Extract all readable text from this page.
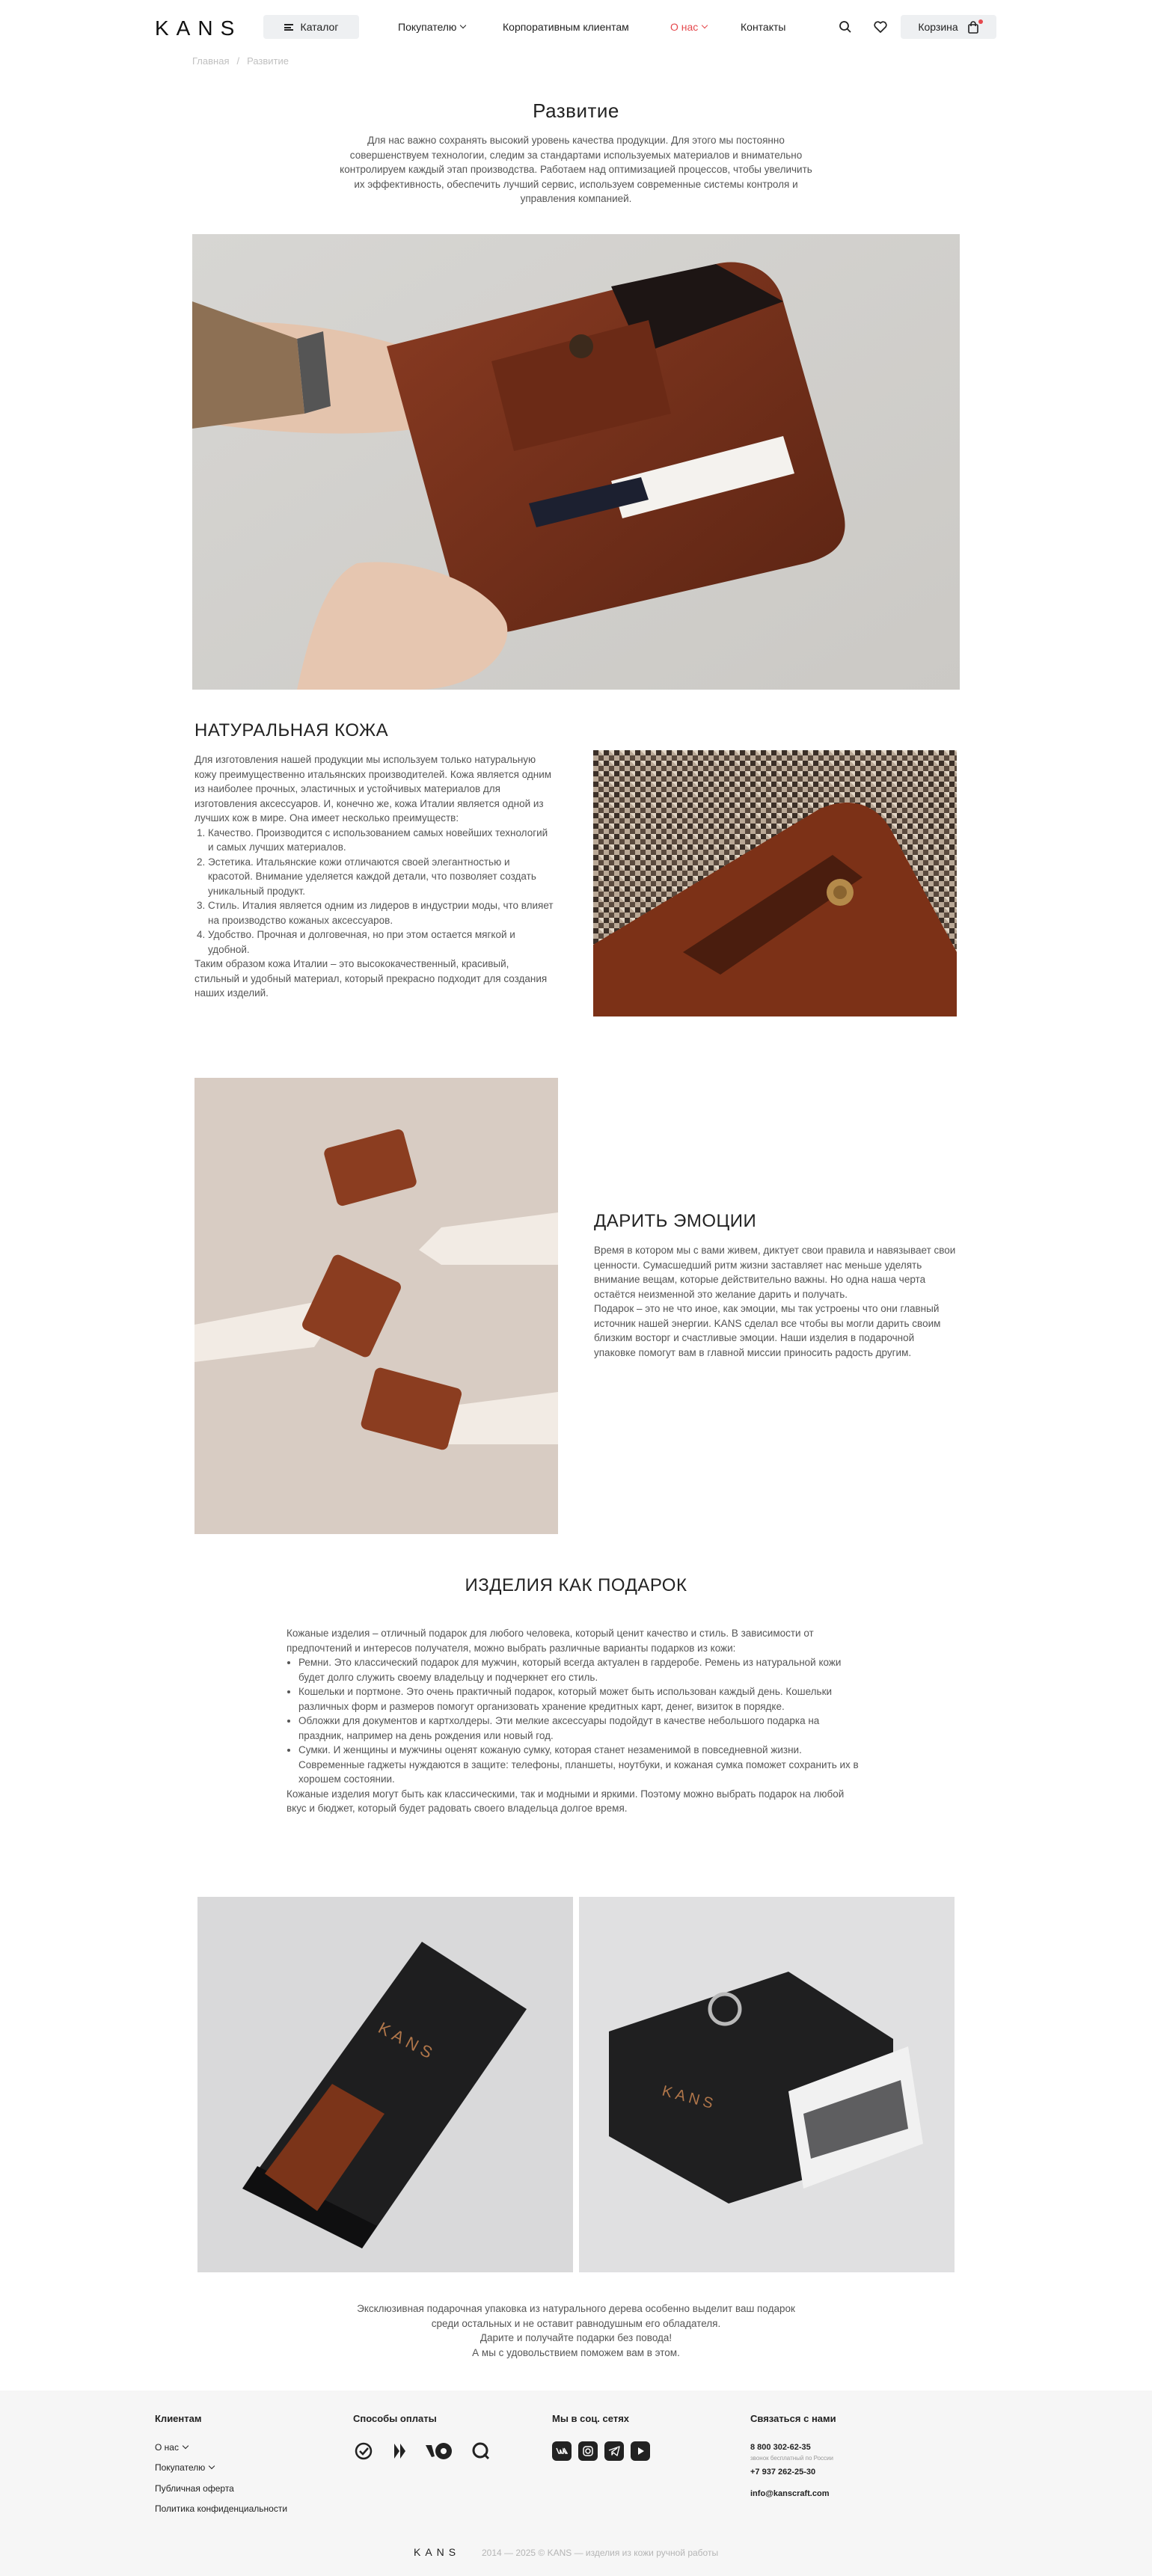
KANS	Каталог	Покупателю	Корпоративным клиентам	О нас	Контакты	Корзина
Главная / Развитие
Развитие

Для нас важно сохранять высокий уровень качества продукции. Для этого мы постоянно совершенствуем технологии, следим за стандартами используемых материалов и внимательно контролируем каждый этап производства. Работаем над оптимизацией процессов, чтобы увеличить их эффективность, обеспечить лучший сервис, используем современные системы контроля и управления компанией.

НАТУРАЛЬНАЯ КОЖА

Для изготовления нашей продукции мы используем только натуральную кожу преимущественно итальянских производителей. Кожа является одним из наиболее прочных, эластичных и устойчивых материалов для изготовления аксессуаров. И, конечно же, кожа Италии является одной из лучших кож в мире. Она имеет несколько преимуществ:

1. Качество. Производится с использованием самых новейших технологий и самых лучших материалов.
2. Эстетика. Итальянские кожи отличаются своей элегантностью и красотой. Внимание уделяется каждой детали, что позволяет создать уникальный продукт.
3. Стиль. Италия является одним из лидеров в индустрии моды, что влияет на производство кожаных аксессуаров.
4. Удобство. Прочная и долговечная, но при этом остается мягкой и удобной.

Таким образом кожа Италии – это высококачественный, красивый, стильный и удобный материал, который прекрасно подходит для создания наших изделий.

ДАРИТЬ ЭМОЦИИ

Время в котором мы с вами живем, диктует свои правила и навязывает свои ценности. Сумасшедший ритм жизни заставляет нас меньше уделять внимание вещам, которые действительно важны. Но одна наша черта остаётся неизменной это желание дарить и получать.

Подарок – это не что иное, как эмоции, мы так устроены что они главный источник нашей энергии. KANS сделал все чтобы вы могли дарить своим близким восторг и счастливые эмоции. Наши изделия в подарочной упаковке помогут вам в главной миссии приносить радость другим.

ИЗДЕЛИЯ КАК ПОДАРОК

Кожаные изделия – отличный подарок для любого человека, который ценит качество и стиль. В зависимости от предпочтений и интересов получателя, можно выбрать различные варианты подарков из кожи:

• Ремни. Это классический подарок для мужчин, который всегда актуален в гардеробе. Ремень из натуральной кожи будет долго служить своему владельцу и подчеркнет его стиль.
• Кошельки и портмоне. Это очень практичный подарок, который может быть использован каждый день. Кошельки различных форм и размеров помогут организовать хранение кредитных карт, денег, визиток в порядке.
• Обложки для документов и картхолдеры. Эти мелкие аксессуары подойдут в качестве небольшого подарка на праздник, например на день рождения или новый год.
• Сумки. И женщины и мужчины оценят кожаную сумку, которая станет незаменимой в повседневной жизни. Современные гаджеты нуждаются в защите: телефоны, планшеты, ноутбуки, и кожаная сумка поможет сохранить их в хорошем состоянии.

Кожаные изделия могут быть как классическими, так и модными и яркими. Поэтому можно выбрать подарок на любой вкус и бюджет, который будет радовать своего владельца долгое время.

KANS
KANS

Эксклюзивная подарочная упаковка из натурального дерева особенно выделит ваш подарок

среди остальных и не оставит равнодушным его обладателя.

Дарите и получайте подарки без повода!

А мы с удовольствием поможем вам в этом.

Клиентам
О нас
Покупателю
Публичная оферта
Политика конфиденциальности
Способы оплаты	Мы в соц. сетях	Связаться с нами
8 800 302-62-35
звонок бесплатный по России
+7 937 262-25-30
info@kanscraft.com
KANS 2014 — 2025 © KANS — изделия из кожи ручной работы
